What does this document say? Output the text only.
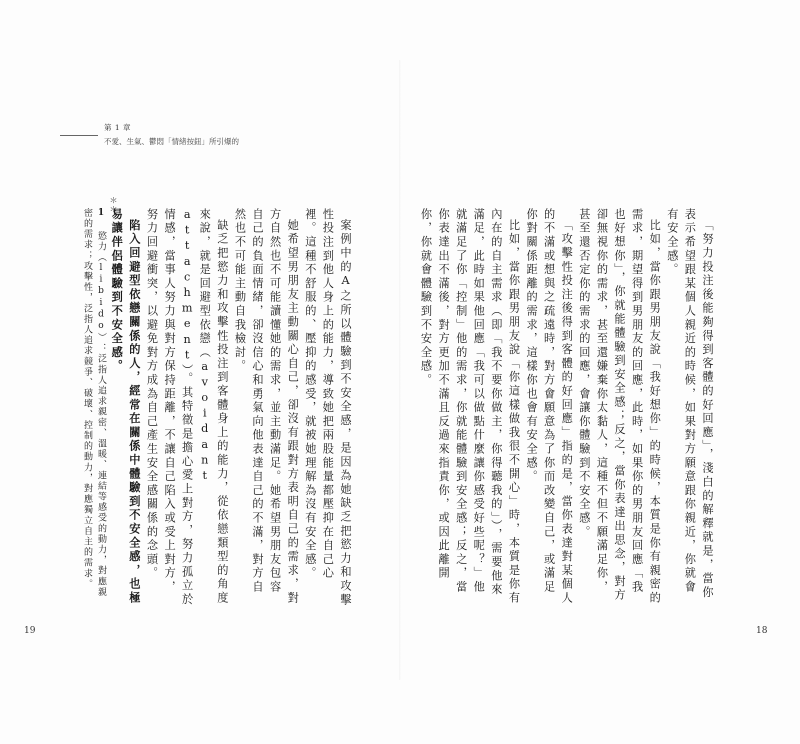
第 1 章
不愛、生氣、鬱悶「情緒按鈕」所引爆的

「努力投注後能夠得到客體的好回應」，淺白的解釋就是，當你表示希望跟某個人親近的時候，如果對方願意跟你親近，你就會有安全感。

比如，當你跟男朋友說「我好想你」的時候，本質是你有親密的需求，期望得到男朋友的回應，此時，如果你的男朋友回應「我也好想你」，你就能體驗到安全感；反之，當你表達出思念，對方卻無視你的需求，甚至還嫌棄你太黏人，這種不但不願滿足你，甚至還否定你的需求的回應，會讓你體驗到不安全感。

「攻擊性投注後得到客體的好回應」指的是，當你表達對某個人的不滿或想與之疏遠時，對方會願意為了你而改變自己，或滿足你對關係距離的需求，這樣你也會有安全感。

比如，當你跟男朋友說「你這樣做我很不開心」時，本質是你有內在的自主需求（即「我不要你做主，你得聽我的」），需要他來滿足，此時如果他回應「我可以做點什麼讓你感受好些呢？」他就滿足了你「控制」他的需求，你就能體驗到安全感；反之，當你表達出不滿後，對方更加不滿且反過來指責你，或因此離開你，你就會體驗到不安全感。

案例中的A之所以體驗到不安全感，是因為她缺乏把慾力和攻擊性投注到他人身上的能力，導致她把兩股能量都壓抑在自己心裡。這種不舒服的、壓抑的感受，就被她理解為沒有安全感。

她希望男朋友主動關心自己，卻沒有跟對方表明自己的需求，對方自然也不可能讀懂她的需求，並主動滿足。她希望男朋友包容自己的負面情緒，卻沒信心和勇氣向他表達自己的不滿，對方自然也不可能主動自我檢討。

缺乏把慾力和攻擊性投注到客體身上的能力，從依戀類型的角度來說，就是回避型依戀（avoidant attachment）。其特徵是擔心愛上對方，努力孤立於情感，當事人努力與對方保持距離，不讓自己陷入或受上對方，努力回避衝突，以避免對方成為自己產生安全感關係的念頭。

陷入回避型依戀關係的人，經常在關係中體驗到不安全感，也極易讓伴侶體驗到不安全感。

＊＊
1 慾力（libido）：泛指人追求親密、溫暖、連結等感受的動力，對應親密的需求；攻擊性，泛指人追求競爭、破壞、控制的動力，對應獨立自主的需求。
19	18
